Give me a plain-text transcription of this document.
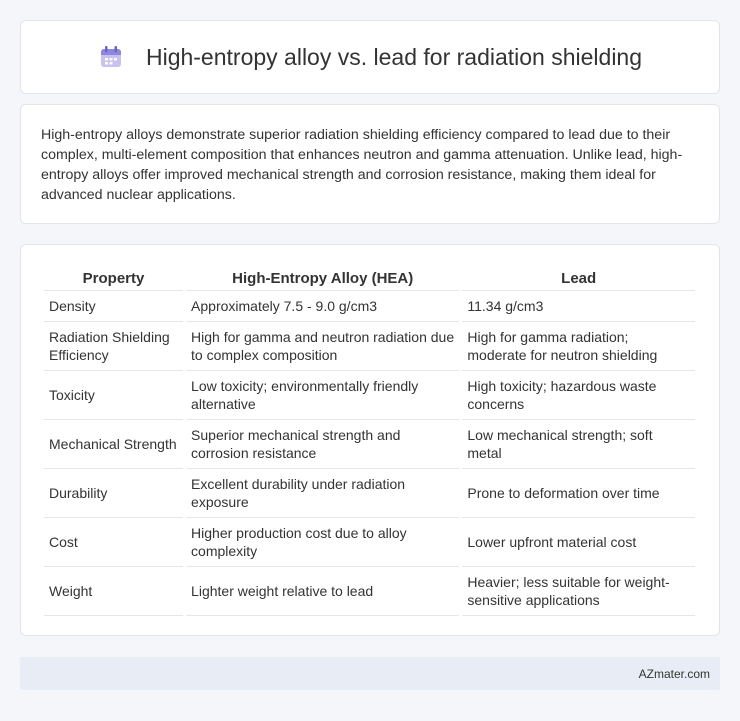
High-entropy alloy vs. lead for radiation shielding

High-entropy alloys demonstrate superior radiation shielding efficiency compared to lead due to their complex, multi-element composition that enhances neutron and gamma attenuation. Unlike lead, high-entropy alloys offer improved mechanical strength and corrosion resistance, making them ideal for advanced nuclear applications.

Property	High-Entropy Alloy (HEA)	Lead
Density	Approximately 7.5 - 9.0 g/cm3	11.34 g/cm3
Radiation Shielding Efficiency	High for gamma and neutron radiation due to complex composition	High for gamma radiation; moderate for neutron shielding
Toxicity	Low toxicity; environmentally friendly alternative	High toxicity; hazardous waste concerns
Mechanical Strength	Superior mechanical strength and corrosion resistance	Low mechanical strength; soft metal
Durability	Excellent durability under radiation exposure	Prone to deformation over time
Cost	Higher production cost due to alloy complexity	Lower upfront material cost
Weight	Lighter weight relative to lead	Heavier; less suitable for weight-sensitive applications
AZmater.com
